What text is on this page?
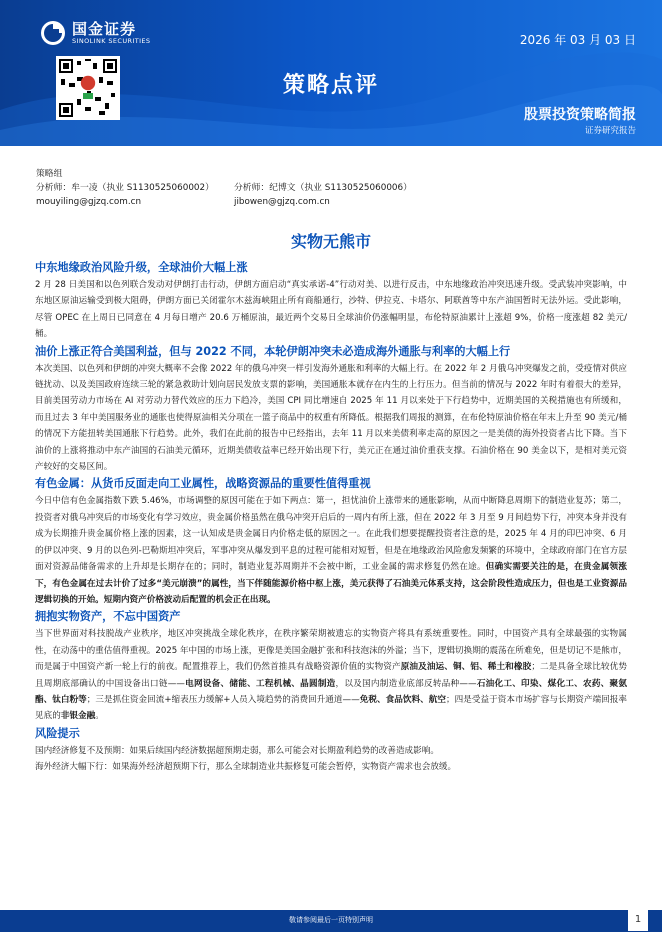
国金证券
SINOLINK SECURITIES	2026 年 03 月 03 日
策略点评
股票投资策略简报
证券研究报告
策略组
分析师：牟一凌（执业 S1130525060002）	分析师：纪博文（执业 S1130525060006）
mouyiling@gjzq.com.cn	jibowen@gjzq.com.cn
实物无熊市
中东地缘政治风险升级，全球油价大幅上涨

2 月 28 日美国和以色列联合发动对伊朗打击行动，伊朗方面启动“真实承诺-4”行动对美、以进行反击，中东地缘政治冲突迅速升级。受武装冲突影响，中东地区原油运输受到极大阻碍，伊朗方面已关闭霍尔木兹海峡阻止所有商船通行，沙特、伊拉克、卡塔尔、阿联酋等中东产油国暂时无法外运。受此影响，尽管 OPEC 在上周日已同意在 4 月每日增产 20.6 万桶原油，最近两个交易日全球油价仍涨幅明显，布伦特原油累计上涨超 9%，价格一度涨超 82 美元/桶。

油价上涨正符合美国利益，但与 2022 不同，本轮伊朗冲突未必造成海外通胀与利率的大幅上行

本次美国、以色列和伊朗的冲突大概率不会像 2022 年的俄乌冲突一样引发海外通胀和利率的大幅上行。在 2022 年 2 月俄乌冲突爆发之前，受疫情对供应链扰动、以及美国政府连续三轮的紧急救助计划向居民发放支票的影响，美国通胀本就存在内生的上行压力。但当前的情况与 2022 年时有着很大的差异，目前美国劳动力市场在 AI 对劳动力替代效应的压力下趋冷，美国 CPI 同比增速自 2025 年 11 月以来处于下行趋势中，近期美国的关税措施也有所缓和，而且过去 3 年中美国服务业的通胀也使得原油相关分项在一篮子商品中的权重有所降低。根据我们周报的测算，在布伦特原油价格在年末上升至 90 美元/桶的情况下方能扭转美国通胀下行趋势。此外，我们在此前的报告中已经指出，去年 11 月以来美债利率走高的原因之一是美债的海外投资者占比下降。当下油价的上涨将推动中东产油国的石油美元循环，近期美债收益率已经开始出现下行，美元正在通过油价重获支撑。石油价格在 90 美金以下，是相对美元资产较好的交易区间。

有色金属：从货币反面走向工业属性，战略资源品的重要性值得重视

今日中信有色金属指数下跌 5.46%，市场调整的原因可能在于如下两点：第一，担忧油价上涨带来的通胀影响，从而中断降息周期下的制造业复苏；第二，投资者对俄乌冲突后的市场变化有学习效应，贵金属价格虽然在俄乌冲突开启后的一周内有所上涨，但在 2022 年 3 月至 9 月间趋势下行，冲突本身并没有成为长期推升贵金属价格上涨的因素，这一认知成是贵金属日内价格走低的原因之一。在此我们想要提醒投资者注意的是，2025 年 4 月的印巴冲突、6 月的伊以冲突、9 月的以色列-巴勒斯坦冲突后，军事冲突从爆发到平息的过程可能相对短暂，但是在地缘政治风险愈发频繁的环境中，全球政府部门在官方层面对资源品储备需求的上升却是长期存在的；同时，制造业复苏周期并不会被中断，工业金属的需求修复仍然在途。但确实需要关注的是，在贵金属领涨下，有色金属在过去计价了过多“美元崩溃”的属性，当下伴随能源价格中枢上涨，美元获得了石油美元体系支持，这会阶段性造成压力，但也是工业资源品逻辑切换的开始。短期内资产价格波动后配置的机会正在出现。

拥抱实物资产，不忘中国资产

当下世界面对科技脱战产业秩序，地区冲突挑战全球化秩序，在秩序繁荣期被遗忘的实物资产将具有系统重要性。同时，中国资产具有全球最强的实物属性，在动荡中的重估值得重视。2025 年中国的市场上涨，更像是美国金融扩张和科技泡沫的外溢；当下，逻辑切换期的震荡在所难免，但是切记不是熊市，而是属于中国资产新一轮上行的前夜。配置推荐上，我们仍然首推具有战略资源价值的实物资产原油及油运、铜、铝、稀土和橡胶；二是具备全球比较优势且周期底部确认的中国设备出口链——电网设备、储能、工程机械、晶圆制造，以及国内制造业底部反转品种——石油化工、印染、煤化工、农药、聚氨酯、钛白粉等；三是抓住资金回流+缩表压力缓解+人员入境趋势的消费回升通道——免税、食品饮料、航空；四是受益于资本市场扩容与长期资产端回报率见底的非银金融。

风险提示

国内经济修复不及预期：如果后续国内经济数据超预期走弱，那么可能会对长期盈利趋势的改善造成影响。

海外经济大幅下行：如果海外经济超预期下行，那么全球制造业共振修复可能会暂停，实物资产需求也会放缓。

敬请参阅最后一页特别声明	1
